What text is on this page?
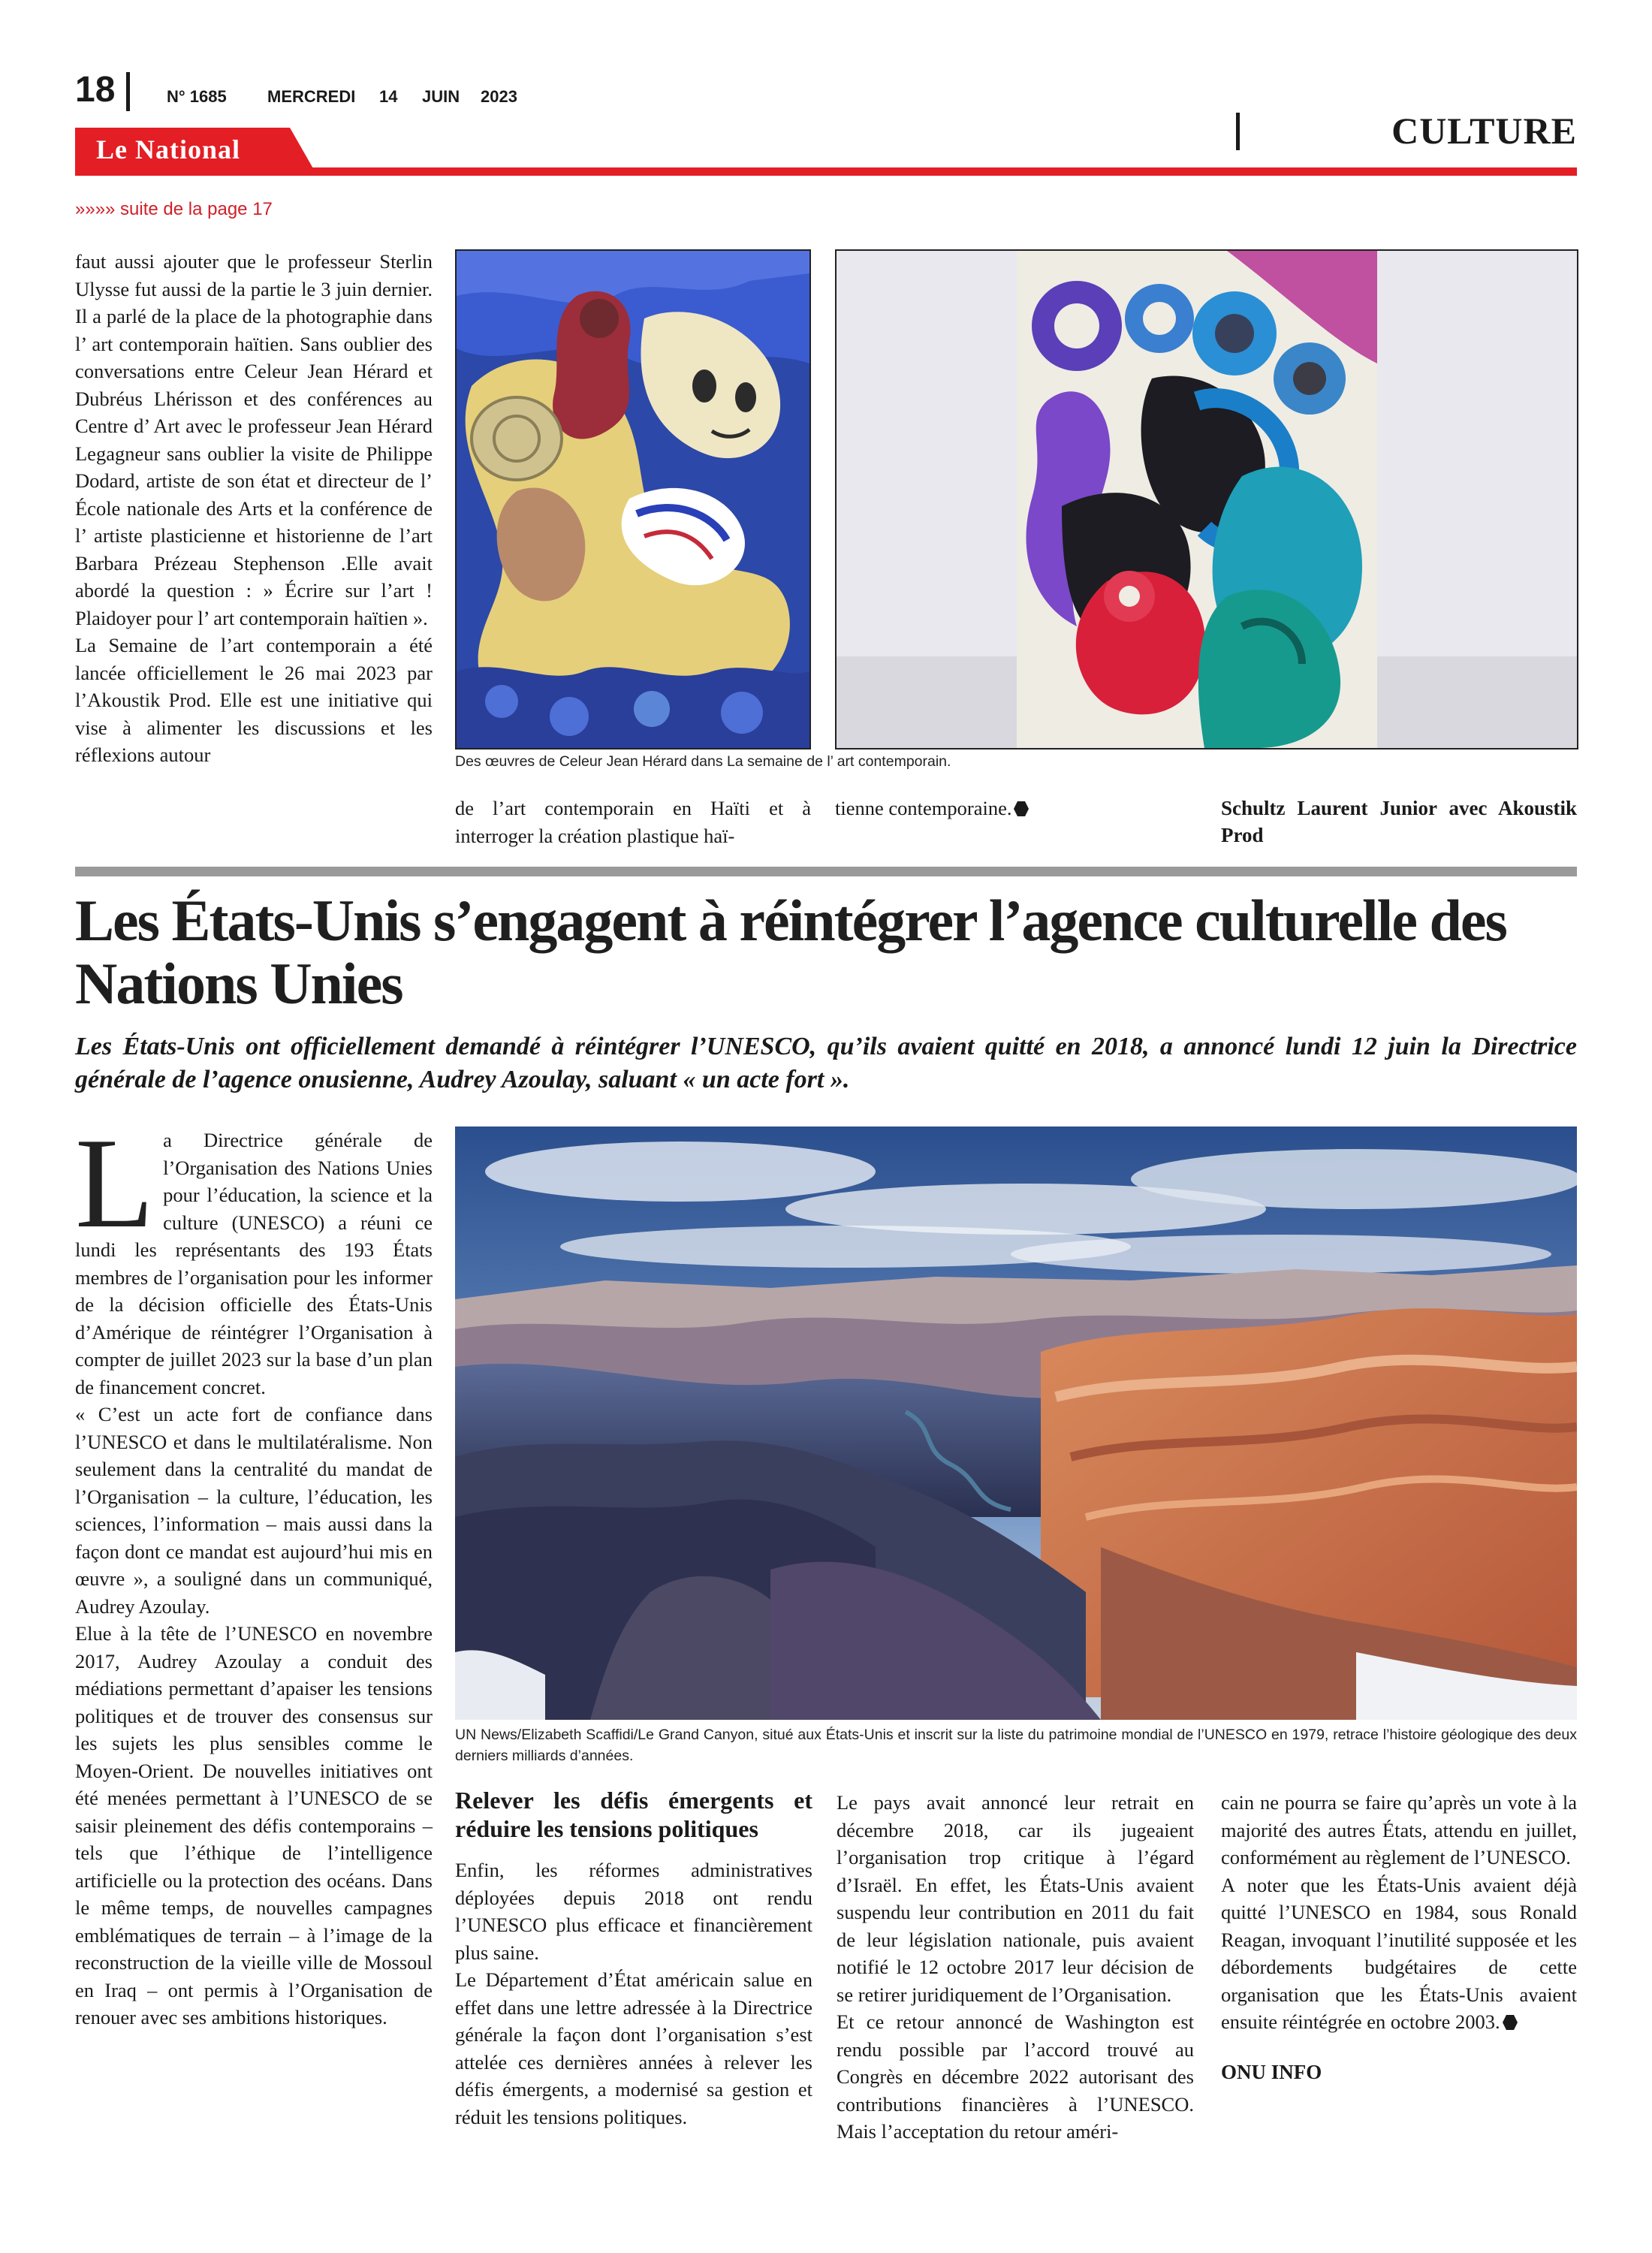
18	N° 1685 MERCREDI 14 JUIN 2023
CULTURE
Le National
»»»» suite de la page 17

faut aussi ajouter que le professeur Sterlin Ulysse fut aussi de la partie le 3 juin dernier. Il a parlé de la place de la photographie dans l’ art contemporain haïtien. Sans oublier des conversations entre Celeur Jean Hérard et Dubréus Lhérisson et des conférences au Centre d’ Art avec le professeur Jean Hérard Legagneur sans oublier la visite de Philippe Dodard, artiste de son état et directeur de l’ École nationale des Arts et la conférence de l’ artiste plasticienne et historienne de l’art Barbara Prézeau Stephenson .Elle avait abordé la question : » Écrire sur l’art ! Plaidoyer pour l’ art contemporain haïtien ».

La Semaine de l’art contemporain a été lancée officiellement le 26 mai 2023 par l’Akoustik Prod. Elle est une initiative qui vise à alimenter les discussions et les réflexions autour	Des œuvres de Celeur Jean Hérard dans La semaine de l’ art contemporain.

de l’art contemporain en Haïti et à interroger la création plastique haï-

tienne contemporaine.	Schultz Laurent Junior avec Akoustik Prod
Les États-Unis s’engagent à réintégrer l’agence culturelle des Nations Unies

Les États-Unis ont officiellement demandé à réintégrer l’UNESCO, qu’ils avaient quitté en 2018, a annoncé lundi 12 juin la Directrice générale de l’agence onusienne, Audrey Azoulay, saluant « un acte fort ».

La Directrice générale de l’Organisation des Nations Unies pour l’éducation, la science et la culture (UNESCO) a réuni ce lundi les représentants des 193 États membres de l’organisation pour les informer de la décision officielle des États-Unis d’Amérique de réintégrer l’Organisation à compter de juillet 2023 sur la base d’un plan de financement concret.

« C’est un acte fort de confiance dans l’UNESCO et dans le multilatéralisme. Non seulement dans la centralité du mandat de l’Organisation – la culture, l’éducation, les sciences, l’information – mais aussi dans la façon dont ce mandat est aujourd’hui mis en œuvre », a souligné dans un communiqué, Audrey Azoulay.

Elue à la tête de l’UNESCO en novembre 2017, Audrey Azoulay a conduit des médiations permettant d’apaiser les tensions politiques et de trouver des consensus sur les sujets les plus sensibles comme le Moyen-Orient. De nouvelles initiatives ont été menées permettant à l’UNESCO de se saisir pleinement des défis contemporains – tels que l’éthique de l’intelligence artificielle ou la protection des océans. Dans le même temps, de nouvelles campagnes emblématiques de terrain – à l’image de la reconstruction de la vieille ville de Mossoul en Iraq – ont permis à l’Organisation de renouer avec ses ambitions historiques.

UN News/Elizabeth Scaffidi/Le Grand Canyon, situé aux États-Unis et inscrit sur la liste du patrimoine mondial de l’UNESCO en 1979, retrace l’histoire géologique des deux derniers milliards d’années.
Relever les défis émergents et réduire les tensions politiques

Enfin, les réformes administratives déployées depuis 2018 ont rendu l’UNESCO plus efficace et financièrement plus saine.

Le Département d’État américain salue en effet dans une lettre adressée à la Directrice générale la façon dont l’organisation s’est attelée ces dernières années à relever les défis émergents, a modernisé sa gestion et réduit les tensions politiques.

Le pays avait annoncé leur retrait en décembre 2018, car ils jugeaient l’organisation trop critique à l’égard d’Israël. En effet, les États-Unis avaient suspendu leur contribution en 2011 du fait de leur législation nationale, puis avaient notifié le 12 octobre 2017 leur décision de se retirer juridiquement de l’Organisation.

Et ce retour annoncé de Washington est rendu possible par l’accord trouvé au Congrès en décembre 2022 autorisant des contributions financières à l’UNESCO. Mais l’acceptation du retour améri-

cain ne pourra se faire qu’après un vote à la majorité des autres États, attendu en juillet, conformément au règlement de l’UNESCO.

A noter que les États-Unis avaient déjà quitté l’UNESCO en 1984, sous Ronald Reagan, invoquant l’inutilité supposée et les débordements budgétaires de cette organisation que les États-Unis avaient ensuite réintégrée en octobre 2003.

ONU INFO
